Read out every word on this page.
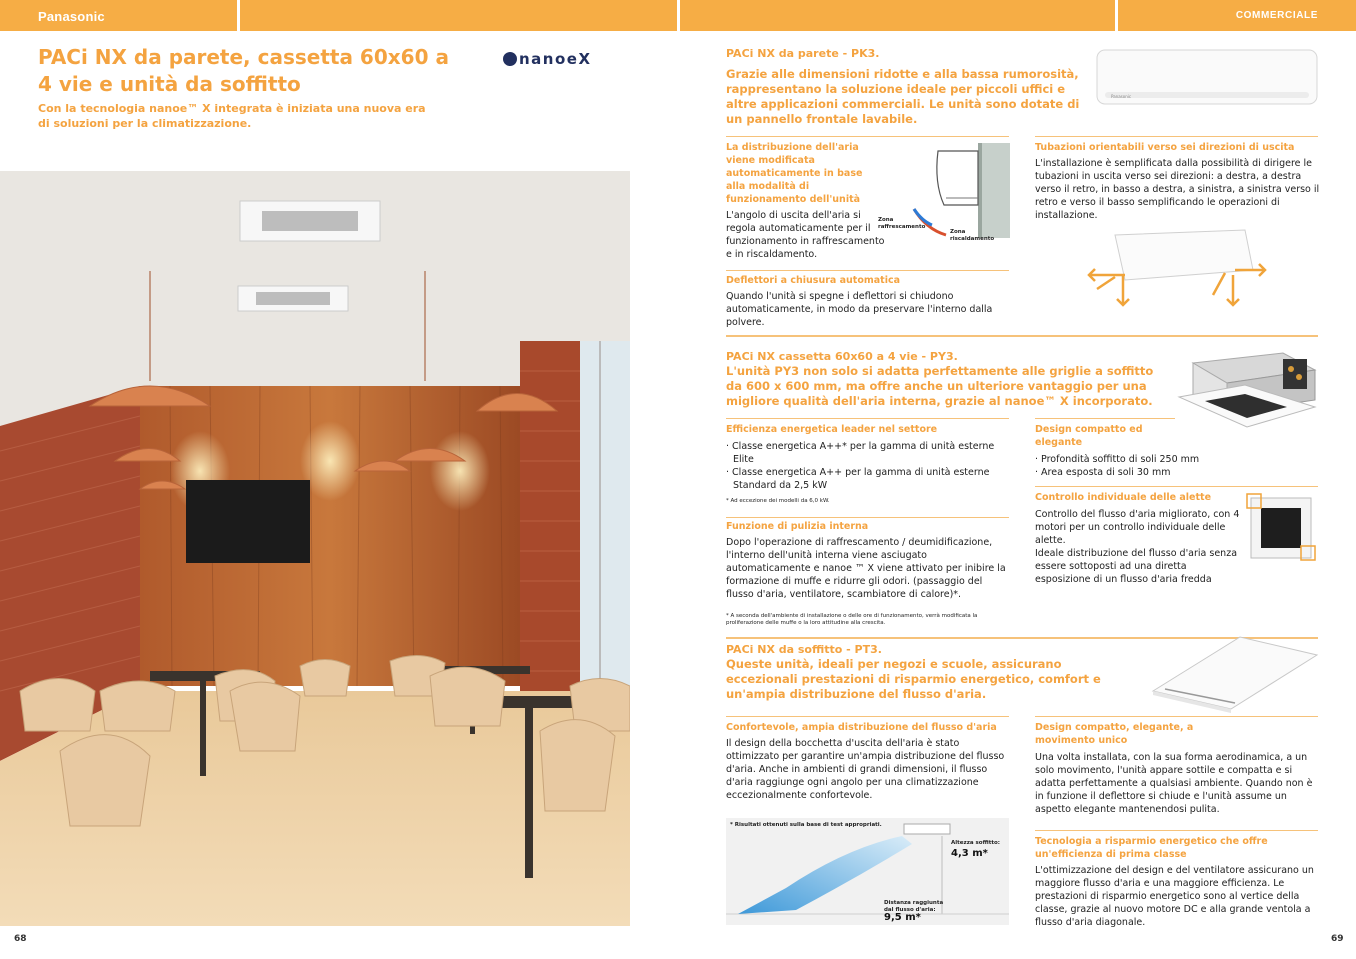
Panasonic	COMMERCIALE
PACi NX da parete, cassetta 60x60 a 4 vie e unità da soffitto

Con la tecnologia nanoe™ X integrata è iniziata una nuova era di soluzioni per la climatizzazione.

nanoeX
68
PACi NX da parete - PK3.
Grazie alle dimensioni ridotte e alla bassa rumorosità, rappresentano la soluzione ideale per piccoli uffici e altre applicazioni commerciali. Le unità sono dotate di un pannello frontale lavabile.
Panasonic
La distribuzione dell'aria viene modificata automaticamente in base alla modalità di funzionamento dell'unità
L'angolo di uscita dell'aria si regola automaticamente per il funzionamento in raffrescamento e in riscaldamento.
Zona raffrescamento
Zona riscaldamento
Tubazioni orientabili verso sei direzioni di uscita
L'installazione è semplificata dalla possibilità di dirigere le tubazioni in uscita verso sei direzioni: a destra, a destra verso il retro, in basso a destra, a sinistra, a sinistra verso il retro e verso il basso semplificando le operazioni di installazione.
Deflettori a chiusura automatica
Quando l'unità si spegne i deflettori si chiudono automaticamente, in modo da preservare l'interno dalla polvere.
PACi NX cassetta 60x60 a 4 vie - PY3.
L'unità PY3 non solo si adatta perfettamente alle griglie a soffitto da 600 x 600 mm, ma offre anche un ulteriore vantaggio per una migliore qualità dell'aria interna, grazie al nanoe™ X incorporato.
Efficienza energetica leader nel settore
· Classe energetica A++* per la gamma di unità esterne Elite
· Classe energetica A++ per la gamma di unità esterne Standard da 2,5 kW
* Ad eccezione dei modelli da 6,0 kW.
Design compatto ed elegante
· Profondità soffitto di soli 250 mm
· Area esposta di soli 30 mm
Controllo individuale delle alette
Controllo del flusso d'aria migliorato, con 4 motori per un controllo individuale delle alette.
Ideale distribuzione del flusso d'aria senza essere sottoposti ad una diretta esposizione di un flusso d'aria fredda
Funzione di pulizia interna
Dopo l'operazione di raffrescamento / deumidificazione, l'interno dell'unità interna viene asciugato automaticamente e nanoe ™ X viene attivato per inibire la formazione di muffe e ridurre gli odori. (passaggio del flusso d'aria, ventilatore, scambiatore di calore)*.
* A seconda dell'ambiente di installazione o delle ore di funzionamento, verrà modificata la proliferazione delle muffe o la loro attitudine alla crescita.
PACi NX da soffitto - PT3.
Queste unità, ideali per negozi e scuole, assicurano eccezionali prestazioni di risparmio energetico, comfort e un'ampia distribuzione del flusso d'aria.
Confortevole, ampia distribuzione del flusso d'aria
Il design della bocchetta d'uscita dell'aria è stato ottimizzato per garantire un'ampia distribuzione del flusso d'aria. Anche in ambienti di grandi dimensioni, il flusso d'aria raggiunge ogni angolo per una climatizzazione eccezionalmente confortevole.
* Risultati ottenuti sulla base di test appropriati.
Altezza soffitto:
4,3 m*
Distanza raggiunta dal flusso d'aria:
9,5 m*
Design compatto, elegante, a movimento unico
Una volta installata, con la sua forma aerodinamica, a un solo movimento, l'unità appare sottile e compatta e si adatta perfettamente a qualsiasi ambiente. Quando non è in funzione il deflettore si chiude e l'unità assume un aspetto elegante mantenendosi pulita.
Tecnologia a risparmio energetico che offre un'efficienza di prima classe
L'ottimizzazione del design e del ventilatore assicurano un maggiore flusso d'aria e una maggiore efficienza. Le prestazioni di risparmio energetico sono al vertice della classe, grazie al nuovo motore DC e alla grande ventola a flusso d'aria diagonale.
69
